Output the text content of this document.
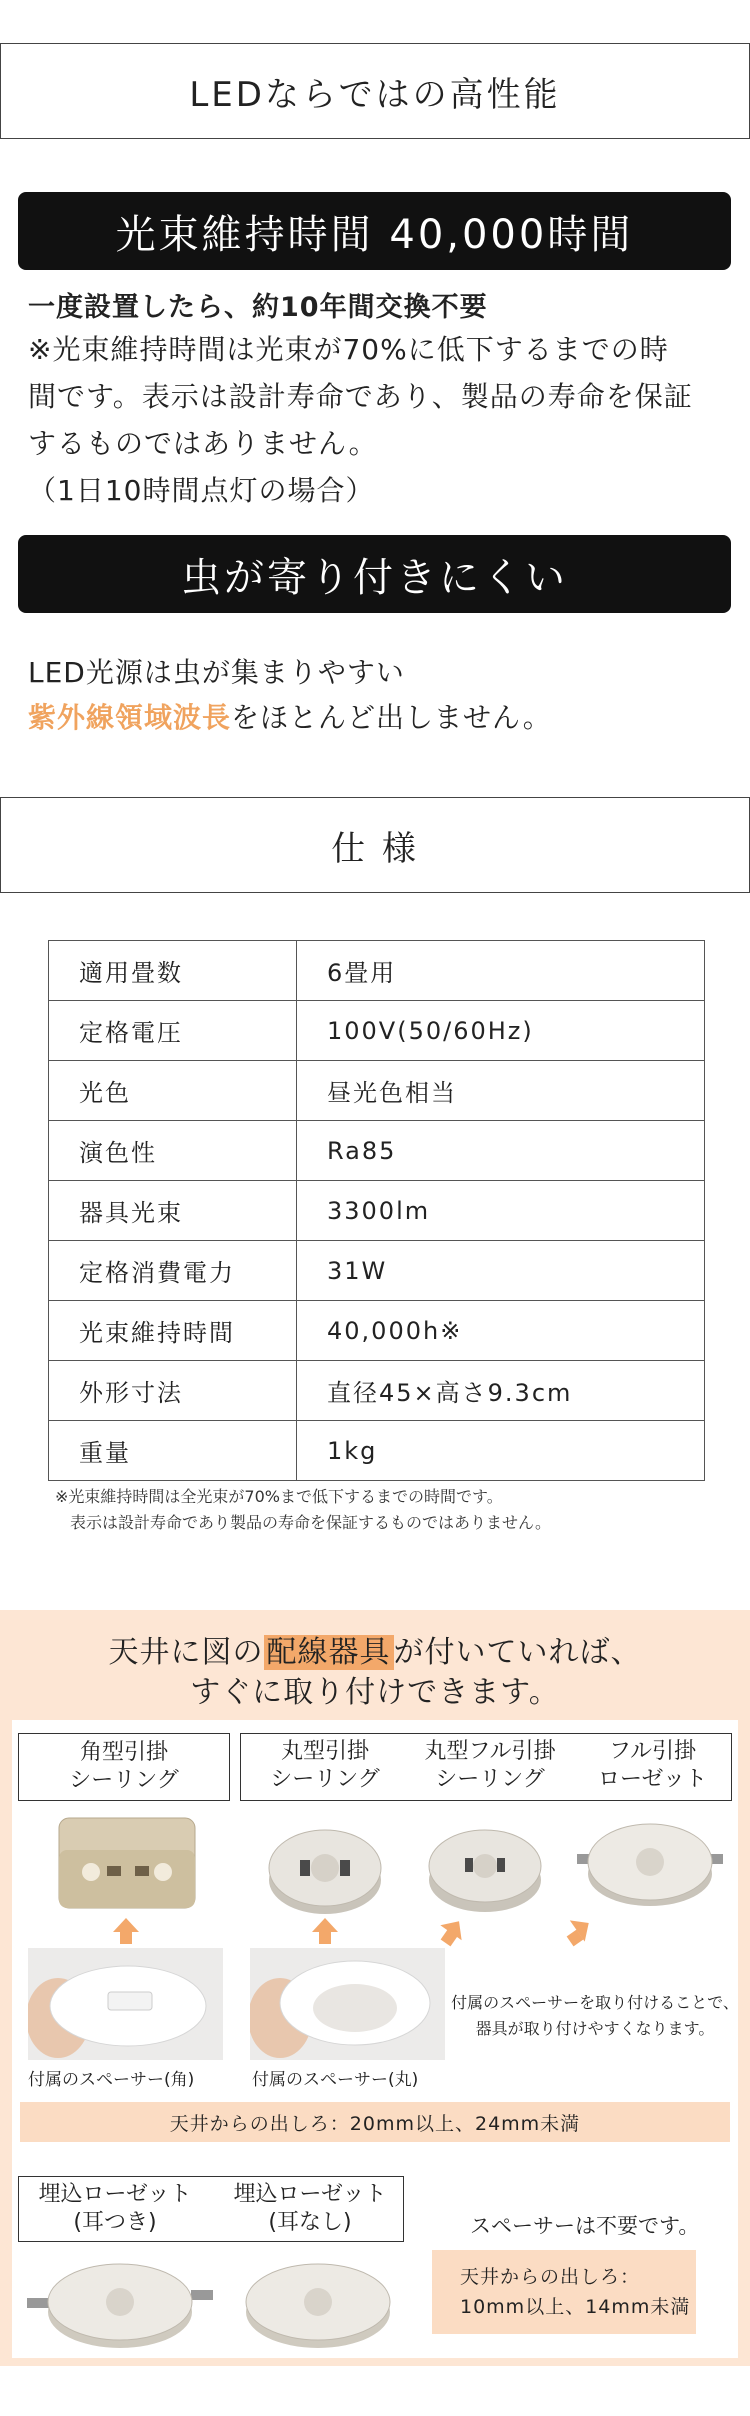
LEDならではの高性能
光束維持時間 40,000時間
一度設置したら、約10年間交換不要
※光束維持時間は光束が70%に低下するまでの時
間です。表示は設計寿命であり、製品の寿命を保証
するものではありません。
（1日10時間点灯の場合）
虫が寄り付きにくい
LED光源は虫が集まりやすい
紫外線領域波長をほとんど出しません。
仕 様
適用畳数	6畳用
定格電圧	100V(50/60Hz)
光色	昼光色相当
演色性	Ra85
器具光束	3300lm
定格消費電力	31W
光束維持時間	40,000h※
外形寸法	直径45×高さ9.3cm
重量	1kg
※光束維持時間は全光束が70%まで低下するまでの時間です。
表示は設計寿命であり製品の寿命を保証するものではありません。
天井に図の 配線器具 が付いていれば、
すぐに取り付けできます。
角型引掛
シーリング
丸型引掛
シーリング
丸型フル引掛
シーリング
フル引掛
ローゼット
付属のスペーサー(角)	付属のスペーサー(丸)
付属のスペーサーを取り付けることで、
器具が取り付けやすくなります。
天井からの出しろ：20mm以上、24mm未満
埋込ローゼット
(耳つき)
埋込ローゼット
(耳なし)	スペーサーは不要です。
天井からの出しろ：
10mm以上、14mm未満
